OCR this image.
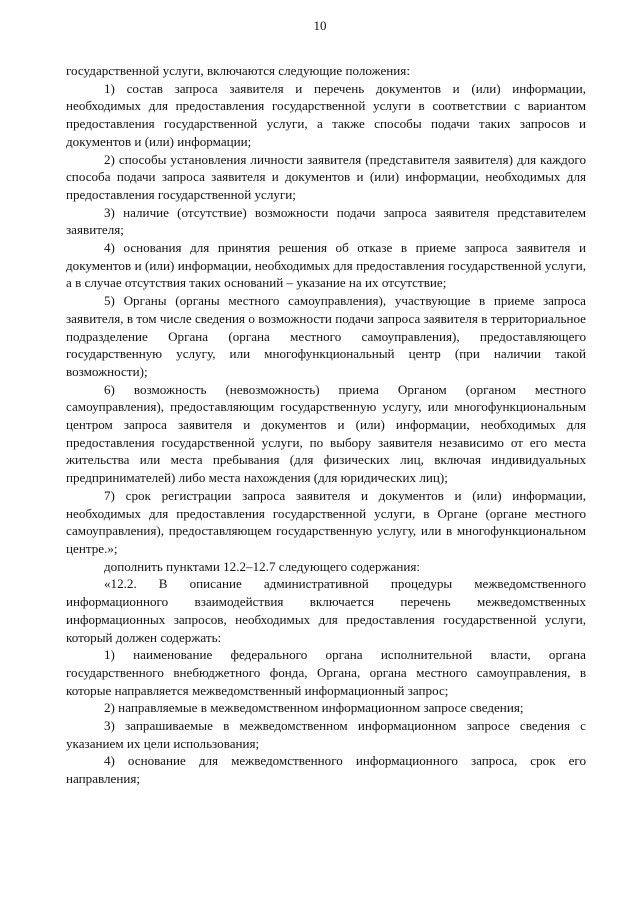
10

государственной услуги, включаются следующие положения:

1) состав запроса заявителя и перечень документов и (или) информации, необходимых для предоставления государственной услуги в соответствии с вариантом предоставления государственной услуги, а также способы подачи таких запросов и документов и (или) информации;

2) способы установления личности заявителя (представителя заявителя) для каждого способа подачи запроса заявителя и документов и (или) информации, необходимых для предоставления государственной услуги;

3) наличие (отсутствие) возможности подачи запроса заявителя представителем заявителя;

4) основания для принятия решения об отказе в приеме запроса заявителя и документов и (или) информации, необходимых для предоставления государственной услуги, а в случае отсутствия таких оснований – указание на их отсутствие;

5) Органы (органы местного самоуправления), участвующие в приеме запроса заявителя, в том числе сведения о возможности подачи запроса заявителя в территориальное подразделение Органа (органа местного самоуправления), предоставляющего государственную услугу, или многофункциональный центр (при наличии такой возможности);

6) возможность (невозможность) приема Органом (органом местного самоуправления), предоставляющим государственную услугу, или многофункциональным центром запроса заявителя и документов и (или) информации, необходимых для предоставления государственной услуги, по выбору заявителя независимо от его места жительства или места пребывания (для физических лиц, включая индивидуальных предпринимателей) либо места нахождения (для юридических лиц);

7) срок регистрации запроса заявителя и документов и (или) информации, необходимых для предоставления государственной услуги, в Органе (органе местного самоуправления), предоставляющем государственную услугу, или в многофункциональном центре.»;

дополнить пунктами 12.2–12.7 следующего содержания:

«12.2. В описание административной процедуры межведомственного информационного взаимодействия включается перечень межведомственных информационных запросов, необходимых для предоставления государственной услуги, который должен содержать:

1) наименование федерального органа исполнительной власти, органа государственного внебюджетного фонда, Органа, органа местного самоуправления, в которые направляется межведомственный информационный запрос;

2) направляемые в межведомственном информационном запросе сведения;

3) запрашиваемые в межведомственном информационном запросе сведения с указанием их цели использования;

4) основание для межведомственного информационного запроса, срок его направления;
